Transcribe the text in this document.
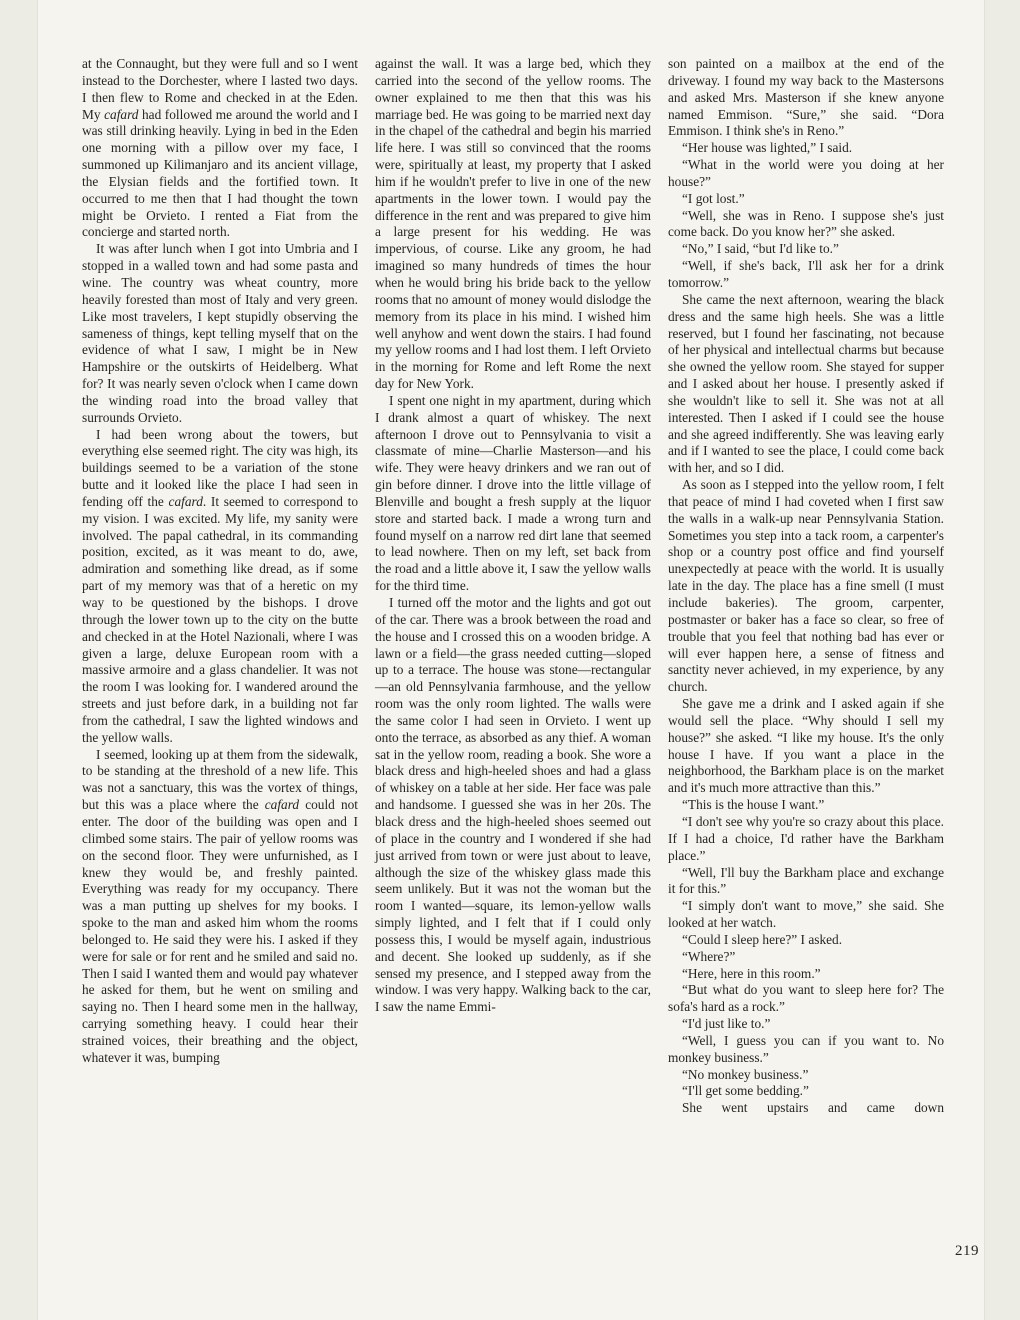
at the Connaught, but they were full and so I went instead to the Dorchester, where I lasted two days. I then flew to Rome and checked in at the Eden. My cafard had followed me around the world and I was still drinking heavily. Lying in bed in the Eden one morning with a pillow over my face, I summoned up Kilimanjaro and its ancient village, the Elysian fields and the fortified town. It occurred to me then that I had thought the town might be Orvieto. I rented a Fiat from the concierge and started north.

It was after lunch when I got into Umbria and I stopped in a walled town and had some pasta and wine. The country was wheat country, more heavily forested than most of Italy and very green. Like most travelers, I kept stupidly observing the sameness of things, kept telling myself that on the evidence of what I saw, I might be in New Hampshire or the outskirts of Heidelberg. What for? It was nearly seven o'clock when I came down the winding road into the broad valley that surrounds Orvieto.

I had been wrong about the towers, but everything else seemed right. The city was high, its buildings seemed to be a variation of the stone butte and it looked like the place I had seen in fending off the cafard. It seemed to correspond to my vision. I was excited. My life, my sanity were involved. The papal cathedral, in its commanding position, excited, as it was meant to do, awe, admiration and something like dread, as if some part of my memory was that of a heretic on my way to be questioned by the bishops. I drove through the lower town up to the city on the butte and checked in at the Hotel Nazionali, where I was given a large, deluxe European room with a massive armoire and a glass chandelier. It was not the room I was looking for. I wandered around the streets and just before dark, in a building not far from the cathedral, I saw the lighted windows and the yellow walls.

I seemed, looking up at them from the sidewalk, to be standing at the threshold of a new life. This was not a sanctuary, this was the vortex of things, but this was a place where the cafard could not enter. The door of the building was open and I climbed some stairs. The pair of yellow rooms was on the second floor. They were unfurnished, as I knew they would be, and freshly painted. Everything was ready for my occupancy. There was a man putting up shelves for my books. I spoke to the man and asked him whom the rooms belonged to. He said they were his. I asked if they were for sale or for rent and he smiled and said no. Then I said I wanted them and would pay whatever he asked for them, but he went on smiling and saying no. Then I heard some men in the hallway, carrying something heavy. I could hear their strained voices, their breathing and the object, whatever it was, bumping

against the wall. It was a large bed, which they carried into the second of the yellow rooms. The owner explained to me then that this was his marriage bed. He was going to be married next day in the chapel of the cathedral and begin his married life here. I was still so convinced that the rooms were, spiritually at least, my property that I asked him if he wouldn't prefer to live in one of the new apartments in the lower town. I would pay the difference in the rent and was prepared to give him a large present for his wedding. He was impervious, of course. Like any groom, he had imagined so many hundreds of times the hour when he would bring his bride back to the yellow rooms that no amount of money would dislodge the memory from its place in his mind. I wished him well anyhow and went down the stairs. I had found my yellow rooms and I had lost them. I left Orvieto in the morning for Rome and left Rome the next day for New York.

I spent one night in my apartment, during which I drank almost a quart of whiskey. The next afternoon I drove out to Pennsylvania to visit a classmate of mine—Charlie Masterson—and his wife. They were heavy drinkers and we ran out of gin before dinner. I drove into the little village of Blenville and bought a fresh supply at the liquor store and started back. I made a wrong turn and found myself on a narrow red dirt lane that seemed to lead nowhere. Then on my left, set back from the road and a little above it, I saw the yellow walls for the third time.

I turned off the motor and the lights and got out of the car. There was a brook between the road and the house and I crossed this on a wooden bridge. A lawn or a field—the grass needed cutting—sloped up to a terrace. The house was stone—rectangular—an old Pennsylvania farmhouse, and the yellow room was the only room lighted. The walls were the same color I had seen in Orvieto. I went up onto the terrace, as absorbed as any thief. A woman sat in the yellow room, reading a book. She wore a black dress and high-heeled shoes and had a glass of whiskey on a table at her side. Her face was pale and handsome. I guessed she was in her 20s. The black dress and the high-heeled shoes seemed out of place in the country and I wondered if she had just arrived from town or were just about to leave, although the size of the whiskey glass made this seem unlikely. But it was not the woman but the room I wanted—square, its lemon-yellow walls simply lighted, and I felt that if I could only possess this, I would be myself again, industrious and decent. She looked up suddenly, as if she sensed my presence, and I stepped away from the window. I was very happy. Walking back to the car, I saw the name Emmi-

son painted on a mailbox at the end of the driveway. I found my way back to the Mastersons and asked Mrs. Masterson if she knew anyone named Emmison. “Sure,” she said. “Dora Emmison. I think she's in Reno.”

“Her house was lighted,” I said.

“What in the world were you doing at her house?”

“I got lost.”

“Well, she was in Reno. I suppose she's just come back. Do you know her?” she asked.

“No,” I said, “but I'd like to.”

“Well, if she's back, I'll ask her for a drink tomorrow.”

She came the next afternoon, wearing the black dress and the same high heels. She was a little reserved, but I found her fascinating, not because of her physical and intellectual charms but because she owned the yellow room. She stayed for supper and I asked about her house. I presently asked if she wouldn't like to sell it. She was not at all interested. Then I asked if I could see the house and she agreed indifferently. She was leaving early and if I wanted to see the place, I could come back with her, and so I did.

As soon as I stepped into the yellow room, I felt that peace of mind I had coveted when I first saw the walls in a walk-up near Pennsylvania Station. Sometimes you step into a tack room, a carpenter's shop or a country post office and find yourself unexpectedly at peace with the world. It is usually late in the day. The place has a fine smell (I must include bakeries). The groom, carpenter, postmaster or baker has a face so clear, so free of trouble that you feel that nothing bad has ever or will ever happen here, a sense of fitness and sanctity never achieved, in my experience, by any church.

She gave me a drink and I asked again if she would sell the place. “Why should I sell my house?” she asked. “I like my house. It's the only house I have. If you want a place in the neighborhood, the Barkham place is on the market and it's much more attractive than this.”

“This is the house I want.”

“I don't see why you're so crazy about this place. If I had a choice, I'd rather have the Barkham place.”

“Well, I'll buy the Barkham place and exchange it for this.”

“I simply don't want to move,” she said. She looked at her watch.

“Could I sleep here?” I asked.

“Where?”

“Here, here in this room.”

“But what do you want to sleep here for? The sofa's hard as a rock.”

“I'd just like to.”

“Well, I guess you can if you want to. No monkey business.”

“No monkey business.”

“I'll get some bedding.”

She went upstairs and came down

219
